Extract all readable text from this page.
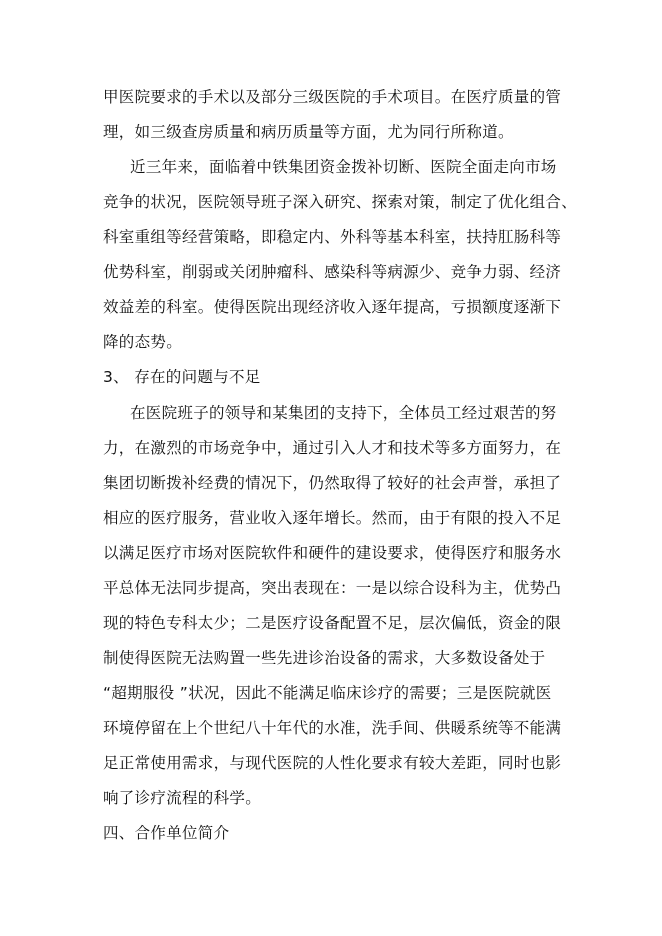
甲医院要求的手术以及部分三级医院的手术项目。在医疗质量的管
理，如三级查房质量和病历质量等方面，尤为同行所称道。
近三年来，面临着中铁集团资金拨补切断、医院全面走向市场
竞争的状况，医院领导班子深入研究、探索对策，制定了优化组合、
科室重组等经营策略，即稳定内、外科等基本科室，扶持肛肠科等
优势科室，削弱或关闭肿瘤科、感染科等病源少、竞争力弱、经济
效益差的科室。使得医院出现经济收入逐年提高，亏损额度逐渐下
降的态势。
3、 存在的问题与不足
在医院班子的领导和某集团的支持下，全体员工经过艰苦的努
力，在激烈的市场竞争中，通过引入人才和技术等多方面努力，在
集团切断拨补经费的情况下，仍然取得了较好的社会声誉，承担了
相应的医疗服务，营业收入逐年增长。然而，由于有限的投入不足
以满足医疗市场对医院软件和硬件的建设要求，使得医疗和服务水
平总体无法同步提高，突出表现在：一是以综合设科为主，优势凸
现的特色专科太少；二是医疗设备配置不足，层次偏低，资金的限
制使得医院无法购置一些先进诊治设备的需求，大多数设备处于
“超期服役 ”状况，因此不能满足临床诊疗的需要；三是医院就医
环境停留在上个世纪八十年代的水准，洗手间、供暖系统等不能满
足正常使用需求，与现代医院的人性化要求有较大差距，同时也影
响了诊疗流程的科学。
四、合作单位简介
